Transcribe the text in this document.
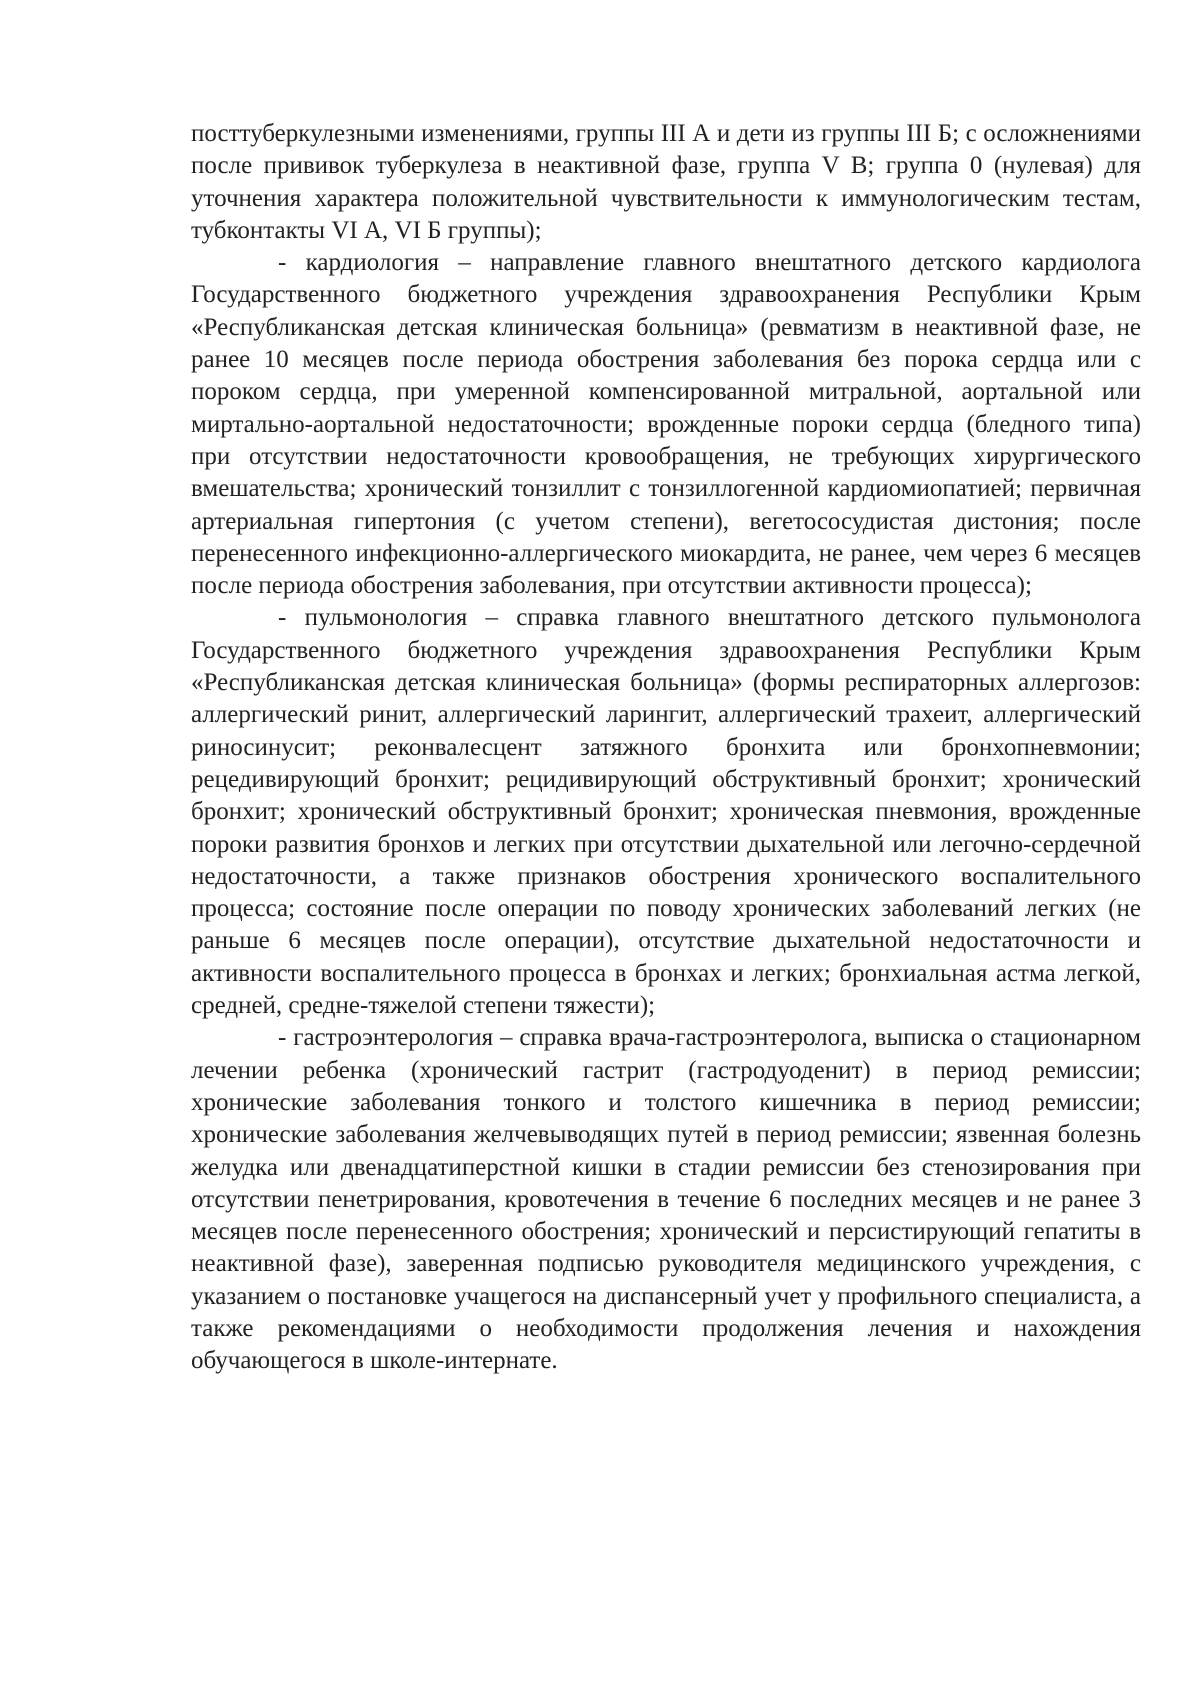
посттуберкулезными изменениями, группы III А и дети из группы III Б; с осложнениями после прививок туберкулеза в неактивной фазе, группа V В; группа 0 (нулевая) для уточнения характера положительной чувствительности к иммунологическим тестам, тубконтакты VI А, VI Б группы);

- кардиология – направление главного внештатного детского кардиолога Государственного бюджетного учреждения здравоохранения Республики Крым «Республиканская детская клиническая больница» (ревматизм в неактивной фазе, не ранее 10 месяцев после периода обострения заболевания без порока сердца или с пороком сердца, при умеренной компенсированной митральной, аортальной или миртально-аортальной недостаточности; врожденные пороки сердца (бледного типа) при отсутствии недостаточности кровообращения, не требующих хирургического вмешательства; хронический тонзиллит с тонзиллогенной кардиомиопатией; первичная артериальная гипертония (с учетом степени), вегетососудистая дистония; после перенесенного инфекционно-аллергического миокардита, не ранее, чем через 6 месяцев после периода обострения заболевания, при отсутствии активности процесса);

- пульмонология – справка главного внештатного детского пульмонолога Государственного бюджетного учреждения здравоохранения Республики Крым «Республиканская детская клиническая больница» (формы респираторных аллергозов: аллергический ринит, аллергический ларингит, аллергический трахеит, аллергический риносинусит; реконвалесцент затяжного бронхита или бронхопневмонии; рецедивирующий бронхит; рецидивирующий обструктивный бронхит; хронический бронхит; хронический обструктивный бронхит; хроническая пневмония, врожденные пороки развития бронхов и легких при отсутствии дыхательной или легочно-сердечной недостаточности, а также признаков обострения хронического воспалительного процесса; состояние после операции по поводу хронических заболеваний легких (не раньше 6 месяцев после операции), отсутствие дыхательной недостаточности и активности воспалительного процесса в бронхах и легких; бронхиальная астма легкой, средней, средне-тяжелой степени тяжести);

- гастроэнтерология – справка врача-гастроэнтеролога, выписка о стационарном лечении ребенка (хронический гастрит (гастродуоденит) в период ремиссии; хронические заболевания тонкого и толстого кишечника в период ремиссии; хронические заболевания желчевыводящих путей в период ремиссии; язвенная болезнь желудка или двенадцатиперстной кишки в стадии ремиссии без стенозирования при отсутствии пенетрирования, кровотечения в течение 6 последних месяцев и не ранее 3 месяцев после перенесенного обострения; хронический и персистирующий гепатиты в неактивной фазе), заверенная подписью руководителя медицинского учреждения, с указанием о постановке учащегося на диспансерный учет у профильного специалиста, а также рекомендациями о необходимости продолжения лечения и нахождения обучающегося в школе-интернате.
